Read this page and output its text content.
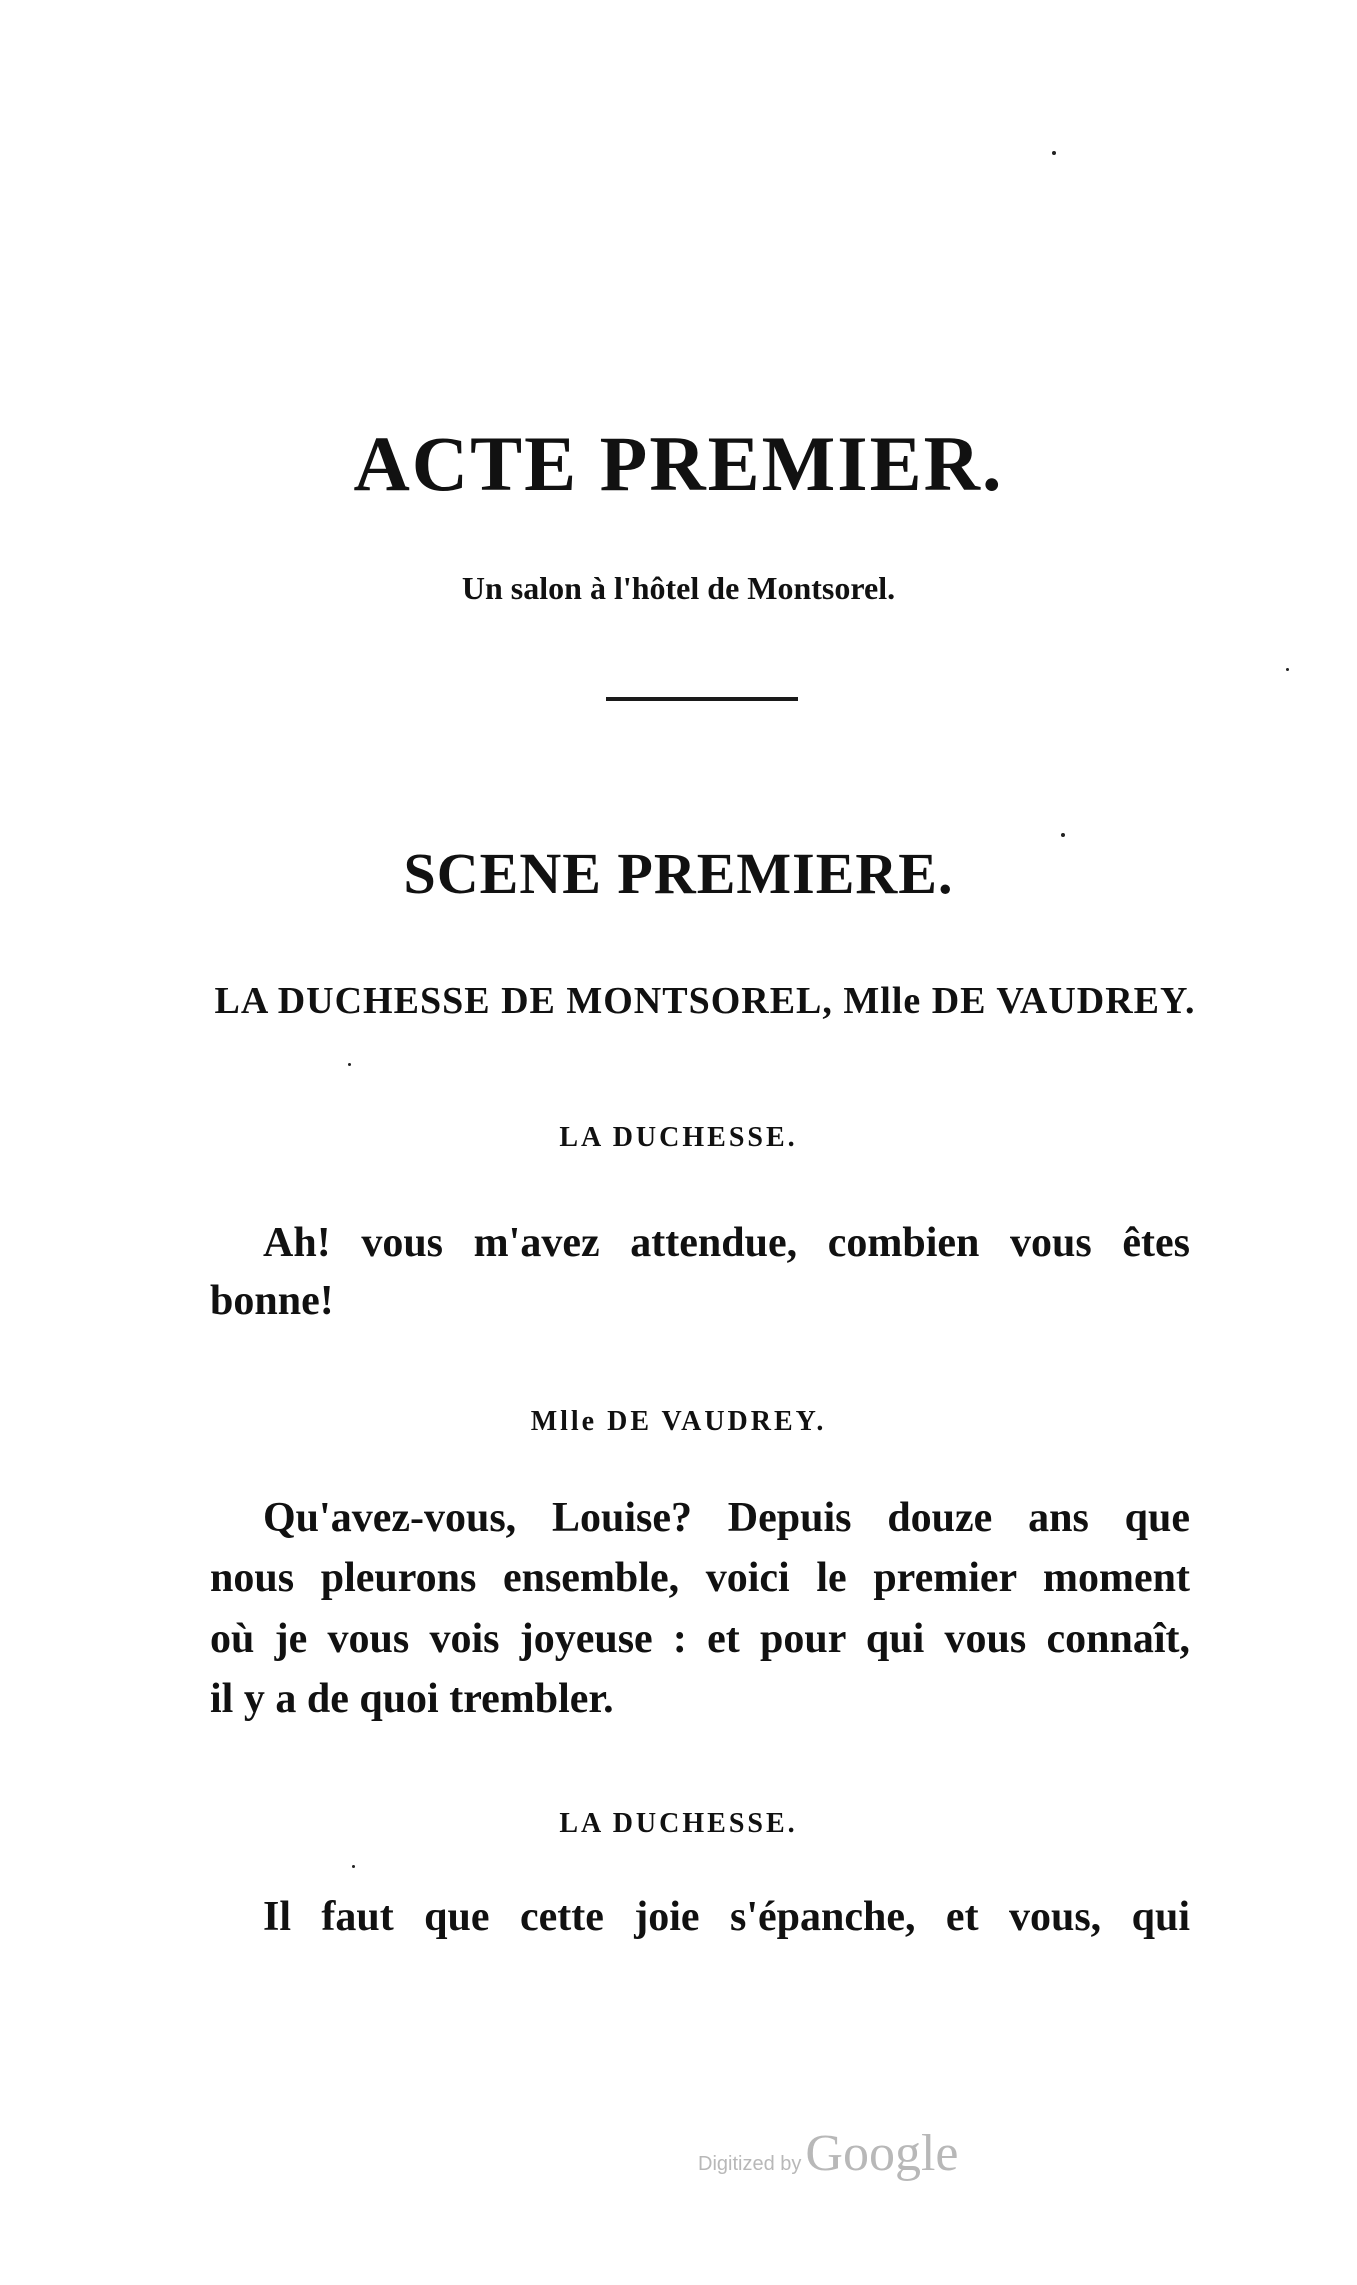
ACTE PREMIER.
Un salon à l'hôtel de Montsorel.
SCENE PREMIERE.
LA DUCHESSE DE MONTSOREL, Mlle DE VAUDREY.
LA DUCHESSE.
Ah! vous m'avez attendue, combien vous êtes
bonne!
Mlle DE VAUDREY.
Qu'avez-vous, Louise? Depuis douze ans que
nous pleurons ensemble, voici le premier moment
où je vous vois joyeuse : et pour qui vous connaît,
il y a de quoi trembler.
LA DUCHESSE.
Il faut que cette joie s'épanche, et vous, qui
Digitized byGoogle
